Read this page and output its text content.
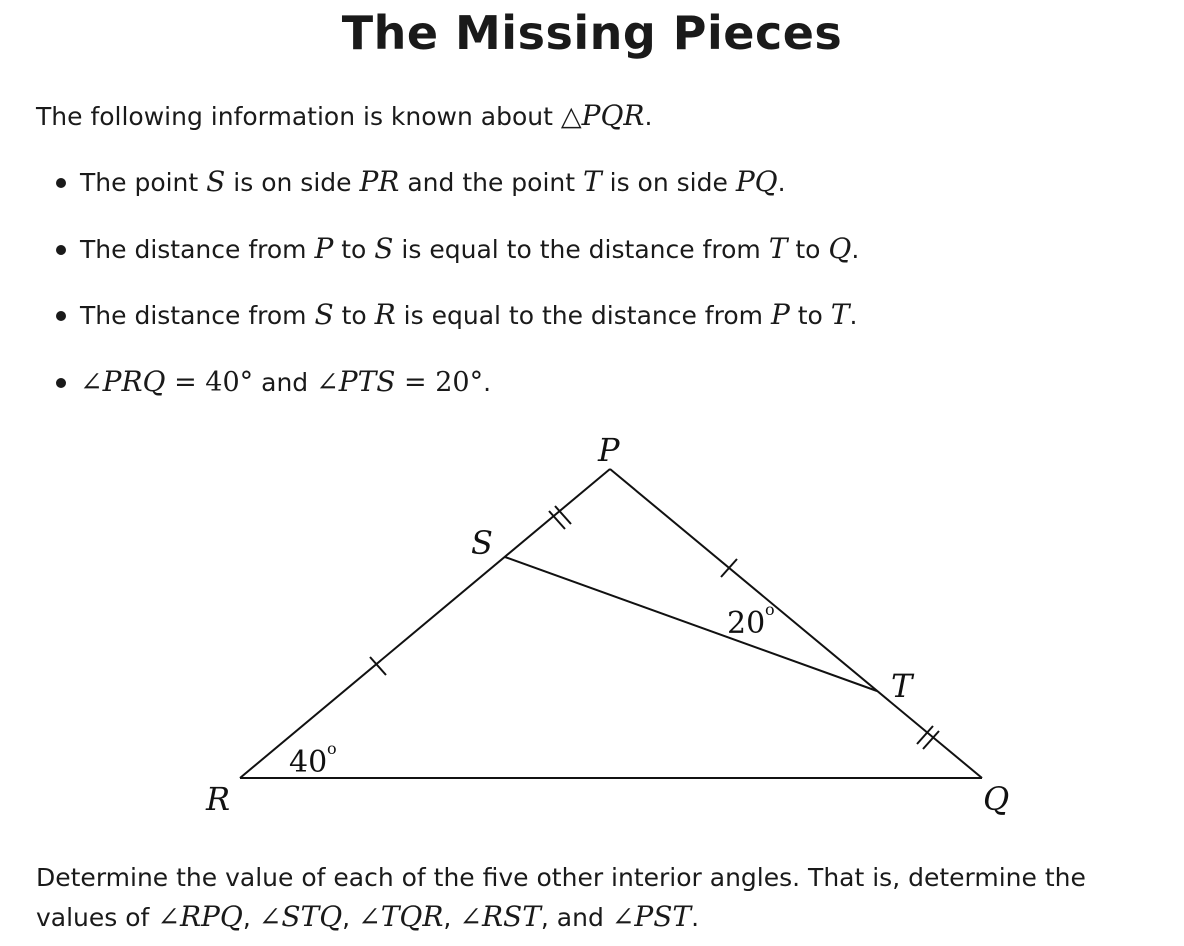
The Missing Pieces
The following information is known about △PQR.
The point S is on side PR and the point T is on side PQ.
The distance from P to S is equal to the distance from T to Q.
The distance from S to R is equal to the distance from P to T.
∠PRQ = 40° and ∠PTS = 20°.
P
S
T
R	Q
40 o
20 o
Determine the value of each of the five other interior angles. That is, determine the
values of ∠RPQ, ∠STQ, ∠TQR, ∠RST, and ∠PST.
